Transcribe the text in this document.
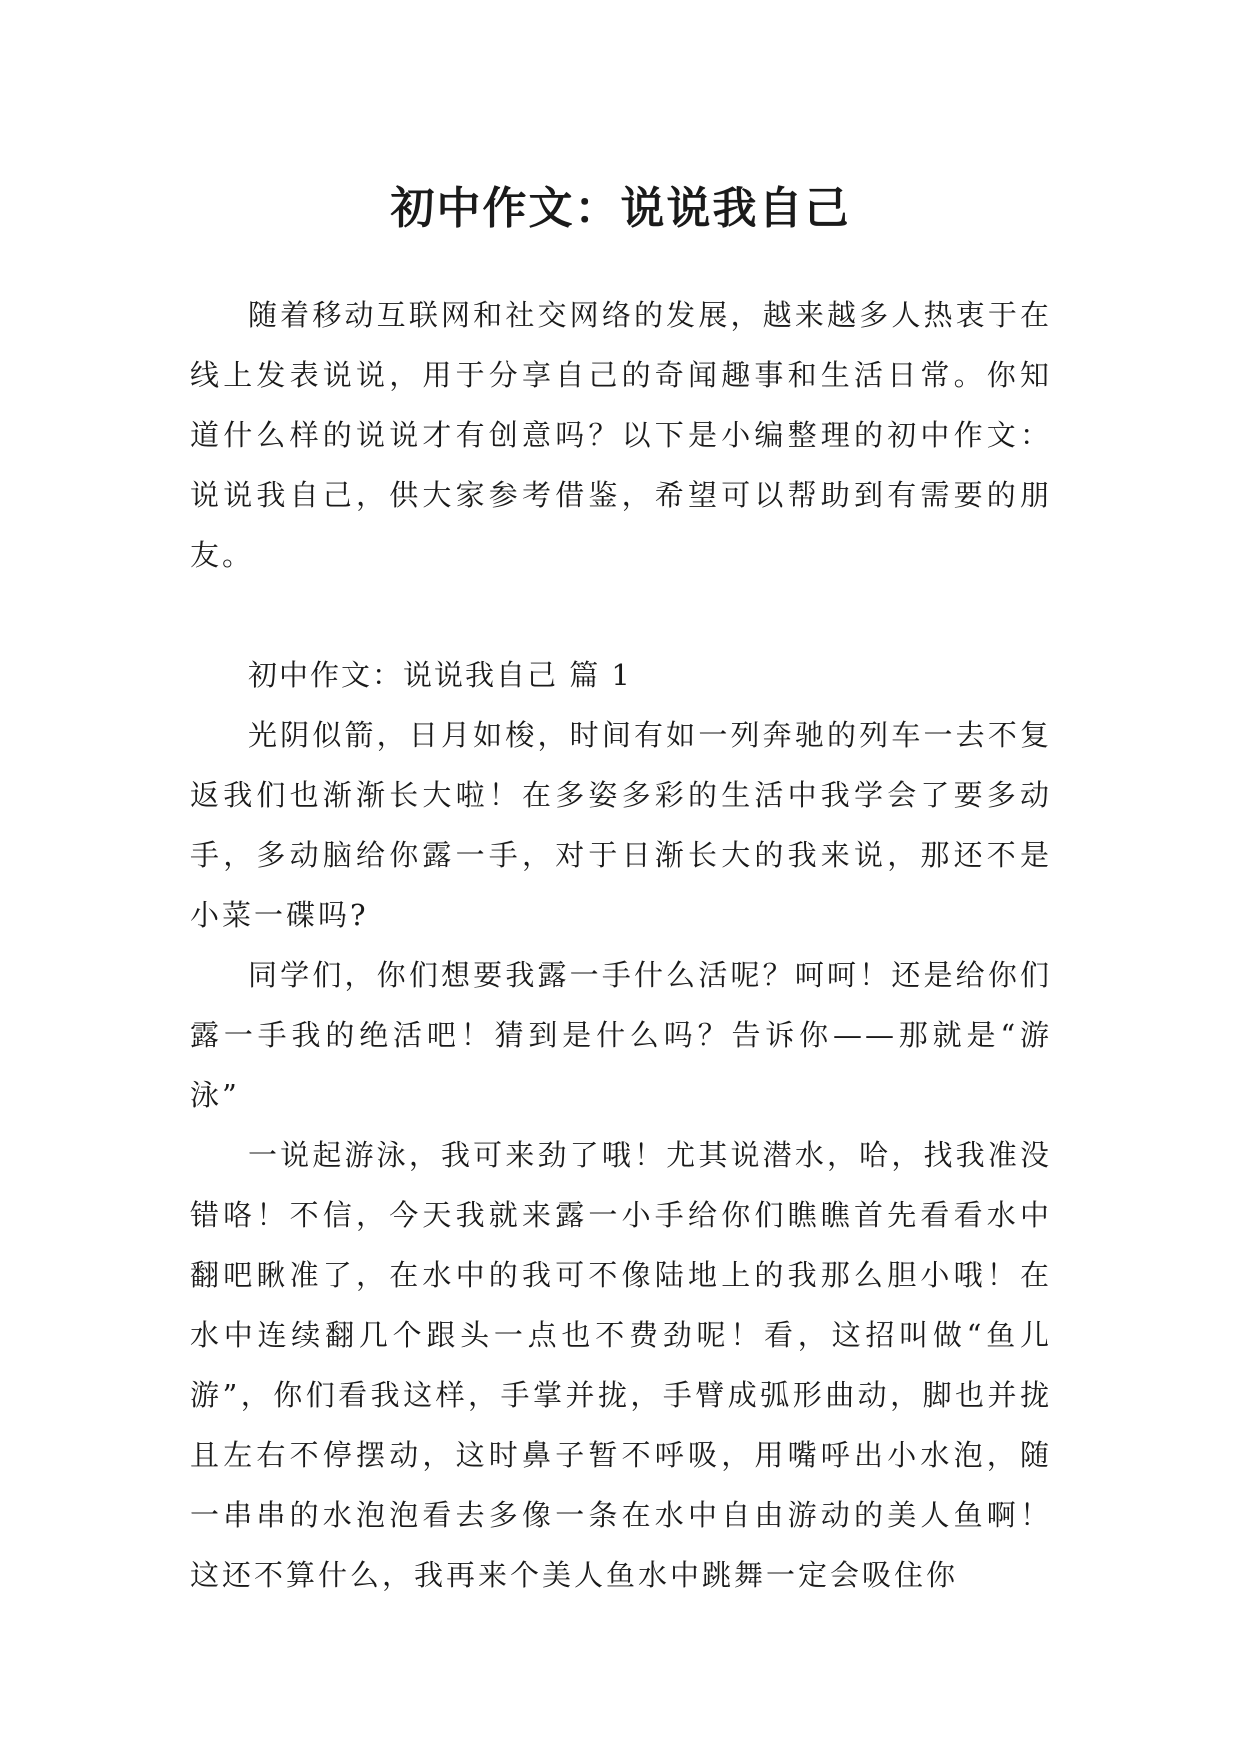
初中作文：说说我自己

随着移动互联网和社交网络的发展，越来越多人热衷于在线上发表说说，用于分享自己的奇闻趣事和生活日常。你知道什么样的说说才有创意吗？以下是小编整理的初中作文：说说我自己，供大家参考借鉴，希望可以帮助到有需要的朋友。

初中作文：说说我自己 篇 1

光阴似箭，日月如梭，时间有如一列奔驰的列车一去不复返我们也渐渐长大啦！在多姿多彩的生活中我学会了要多动手，多动脑给你露一手，对于日渐长大的我来说，那还不是小菜一碟吗?

同学们，你们想要我露一手什么活呢？呵呵！还是给你们露一手我的绝活吧！猜到是什么吗？告诉你——那就是“游泳”

一说起游泳，我可来劲了哦！尤其说潜水，哈，找我准没错咯！不信，今天我就来露一小手给你们瞧瞧首先看看水中翻吧瞅准了，在水中的我可不像陆地上的我那么胆小哦！在水中连续翻几个跟头一点也不费劲呢！看，这招叫做“鱼儿游”，你们看我这样，手掌并拢，手臂成弧形曲动，脚也并拢且左右不停摆动，这时鼻子暂不呼吸，用嘴呼出小水泡，随一串串的水泡泡看去多像一条在水中自由游动的美人鱼啊！这还不算什么，我再来个美人鱼水中跳舞一定会吸住你
